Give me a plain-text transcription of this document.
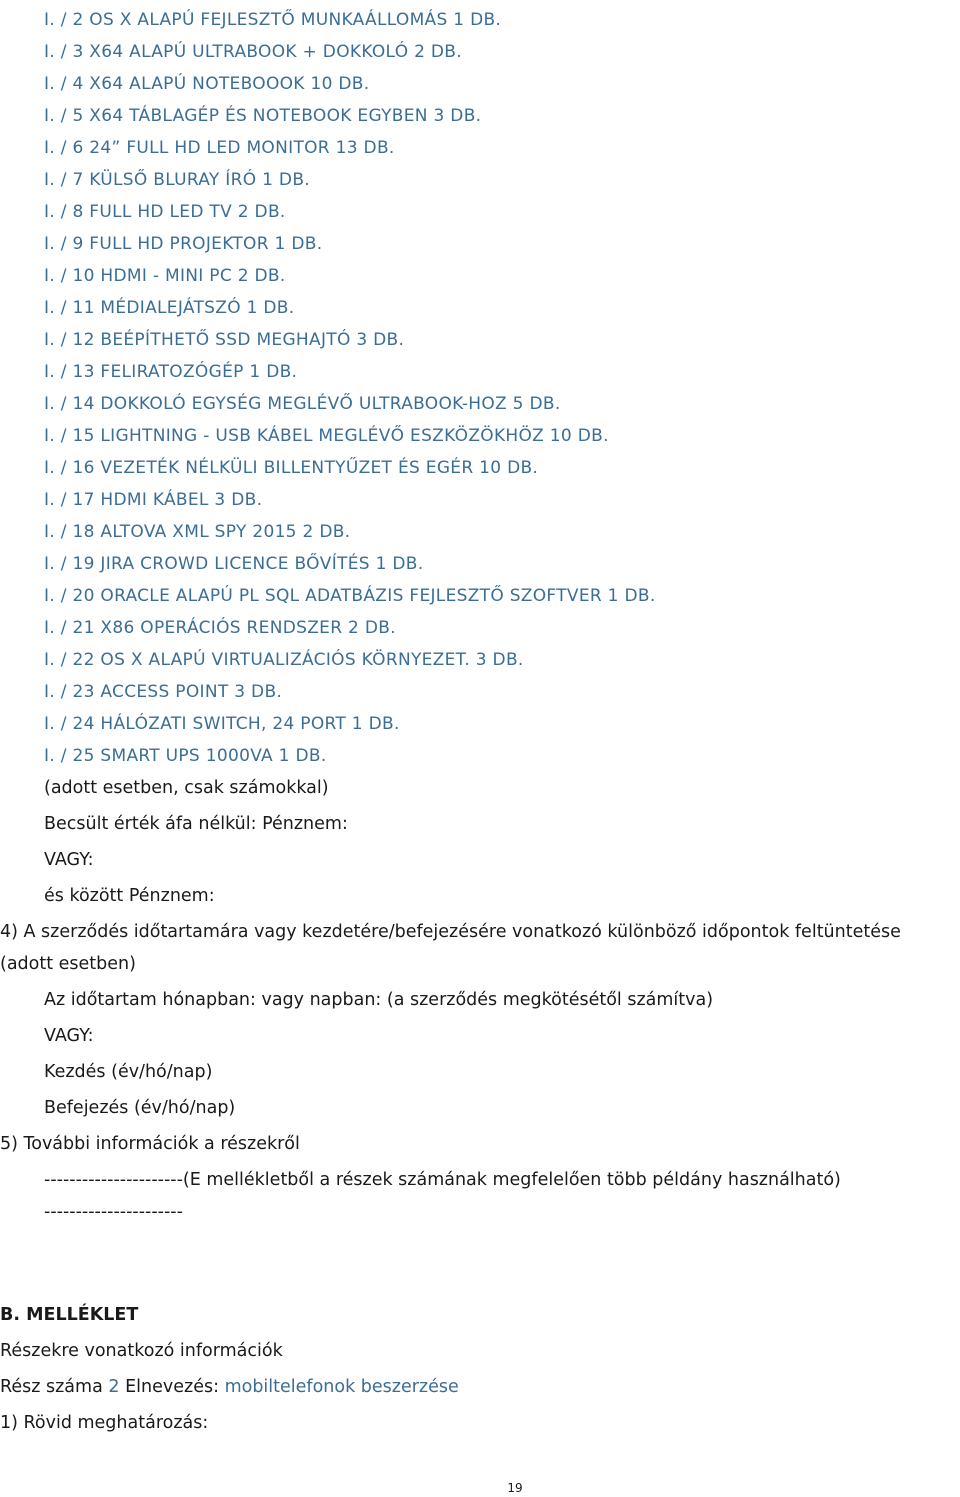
I. / 2 OS X ALAPÚ FEJLESZTŐ MUNKAÁLLOMÁS 1 DB.
I. / 3 X64 ALAPÚ ULTRABOOK + DOKKOLÓ 2 DB.
I. / 4 X64 ALAPÚ NOTEBOOOK 10 DB.
I. / 5 X64 TÁBLAGÉP ÉS NOTEBOOK EGYBEN 3 DB.
I. / 6 24” FULL HD LED MONITOR 13 DB.
I. / 7 KÜLSŐ BLURAY ÍRÓ 1 DB.
I. / 8 FULL HD LED TV 2 DB.
I. / 9 FULL HD PROJEKTOR 1 DB.
I. / 10 HDMI - MINI PC 2 DB.
I. / 11 MÉDIALEJÁTSZÓ 1 DB.
I. / 12 BEÉPÍTHETŐ SSD MEGHAJTÓ 3 DB.
I. / 13 FELIRATOZÓGÉP 1 DB.
I. / 14 DOKKOLÓ EGYSÉG MEGLÉVŐ ULTRABOOK-HOZ 5 DB.
I. / 15 LIGHTNING - USB KÁBEL MEGLÉVŐ ESZKÖZÖKHÖZ 10 DB.
I. / 16 VEZETÉK NÉLKÜLI BILLENTYŰZET ÉS EGÉR 10 DB.
I. / 17 HDMI KÁBEL 3 DB.
I. / 18 ALTOVA XML SPY 2015 2 DB.
I. / 19 JIRA CROWD LICENCE BŐVÍTÉS 1 DB.
I. / 20 ORACLE ALAPÚ PL SQL ADATBÁZIS FEJLESZTŐ SZOFTVER 1 DB.
I. / 21 X86 OPERÁCIÓS RENDSZER 2 DB.
I. / 22 OS X ALAPÚ VIRTUALIZÁCIÓS KÖRNYEZET. 3 DB.
I. / 23 ACCESS POINT 3 DB.
I. / 24 HÁLÓZATI SWITCH, 24 PORT 1 DB.
I. / 25 SMART UPS 1000VA 1 DB.
(adott esetben, csak számokkal)
Becsült érték áfa nélkül: Pénznem:
VAGY:
és között Pénznem:
4) A szerződés időtartamára vagy kezdetére/befejezésére vonatkozó különböző időpontok feltüntetése
(adott esetben)
Az időtartam hónapban: vagy napban: (a szerződés megkötésétől számítva)
VAGY:
Kezdés (év/hó/nap)
Befejezés (év/hó/nap)
5) További információk a részekről
----------------------(E mellékletből a részek számának megfelelően több példány használható)
----------------------
B. MELLÉKLET
Részekre vonatkozó információk
Rész száma 2 Elnevezés: mobiltelefonok beszerzése
1) Rövid meghatározás:
19
